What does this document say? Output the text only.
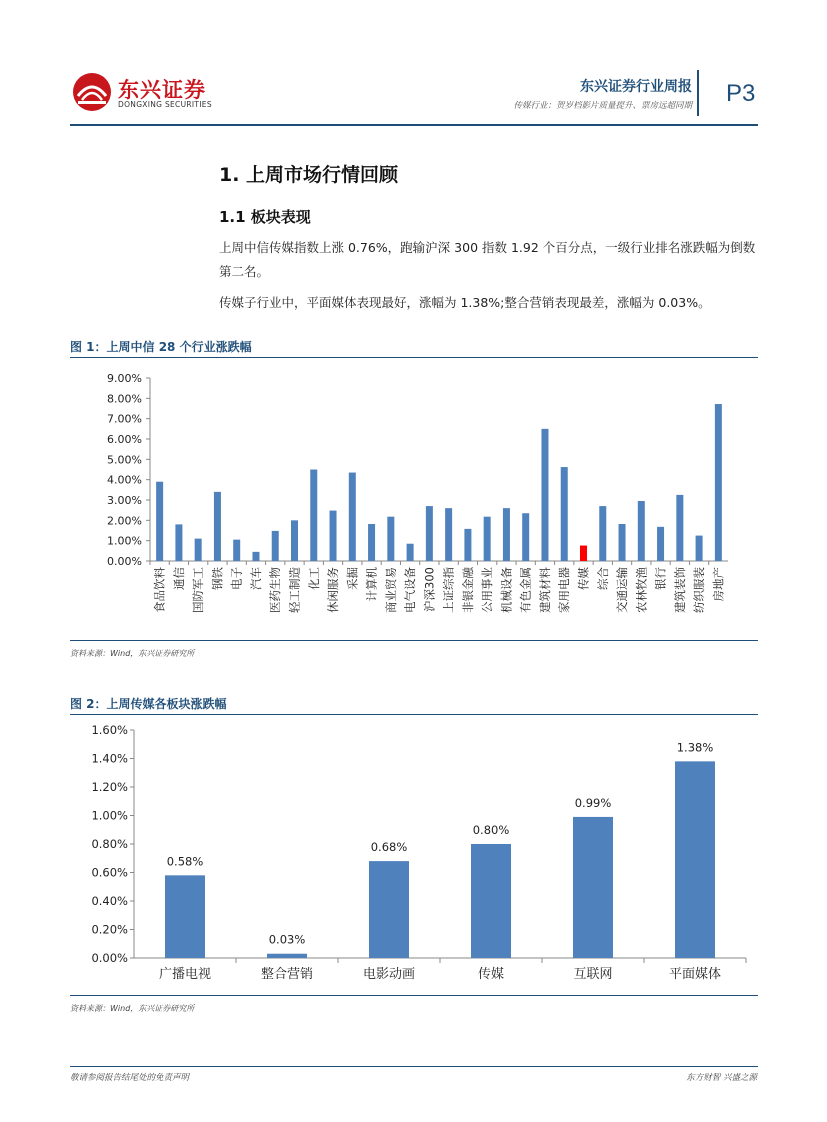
东兴证券
DONGXING SECURITIES
东兴证券行业周报
传媒行业：贺岁档影片质量提升、票房远超同期 P3
1. 上周市场行情回顾
1.1 板块表现
上周中信传媒指数上涨 0.76%，跑输沪深 300 指数 1.92 个百分点，一级行业排名涨跌幅为倒数第二名。
传媒子行业中，平面媒体表现最好，涨幅为 1.38%;整合营销表现最差，涨幅为 0.03%。
图 1：上周中信 28 个行业涨跌幅
0.00%
1.00%
2.00%
3.00%
4.00%
5.00%
6.00%
7.00%
8.00%
9.00%
食品饮料 通信 国防军工 钢铁 电子 汽车 医药生物 轻工制造 化工 休闲服务 采掘 计算机 商业贸易 电气设备 沪深300 上证综指 非银金融 公用事业 机械设备 有色金属 建筑材料 家用电器 传媒 综合 交通运输 农林牧渔 银行 建筑装饰 纺织服装 房地产
资料来源：Wind，东兴证券研究所
图 2：上周传媒各板块涨跌幅
0.00%
0.20%
0.40%
0.60%
0.80%
1.00%
1.20%
1.40%
1.60%
0.58%
广播电视
0.03%
整合营销
0.68%
电影动画
0.80%
传媒
0.99%
互联网
1.38%
平面媒体
资料来源：Wind，东兴证券研究所
敬请参阅报告结尾处的免责声明	东方财智 兴盛之源
